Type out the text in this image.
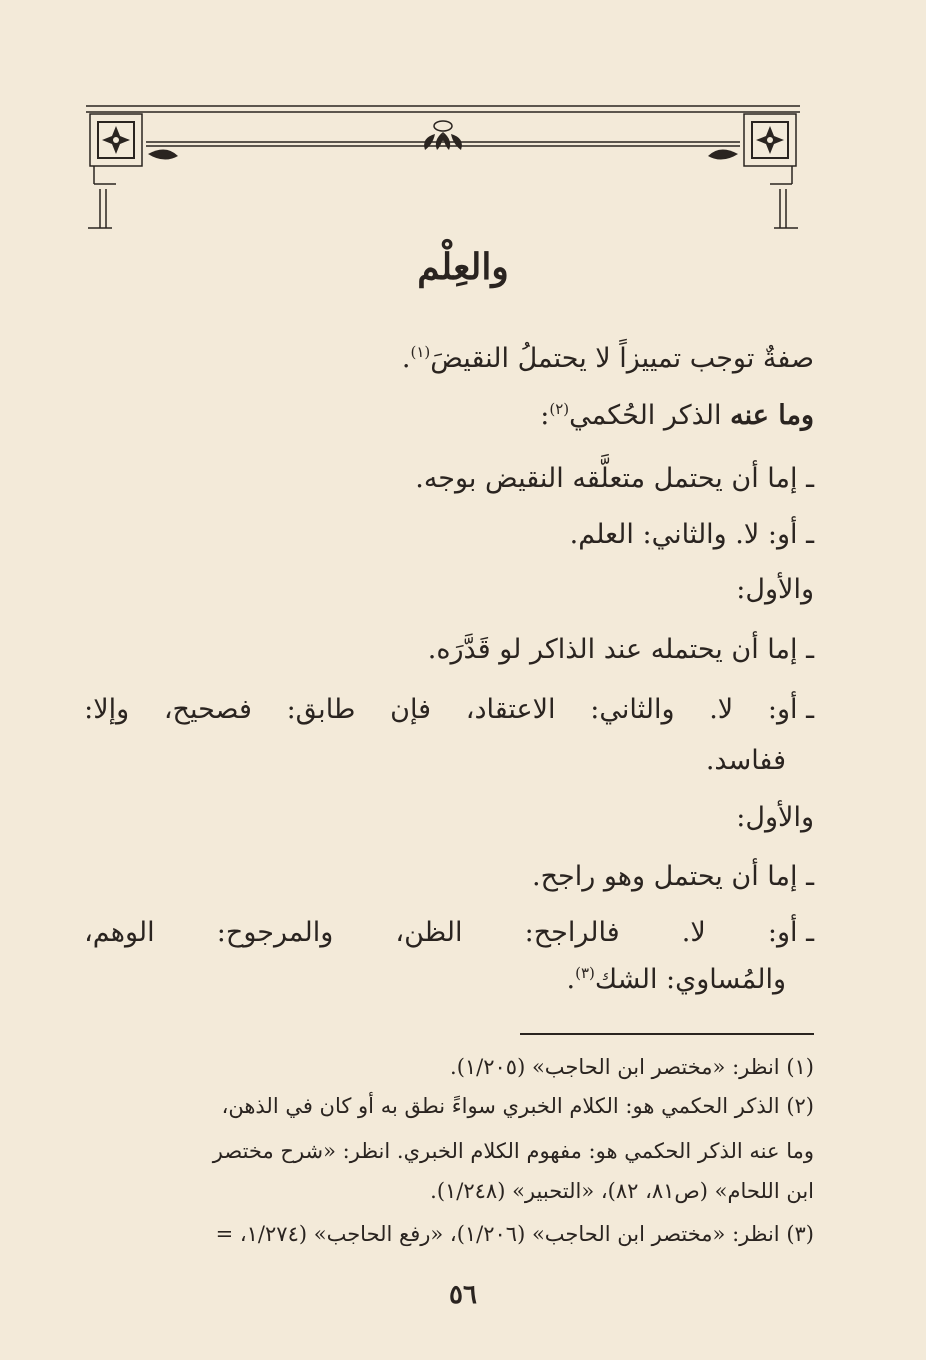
والعِلْم
صفةٌ توجب تمييزاً لا يحتملُ النقيضَ$^{(١)}$.
وما عنه الذكر الحُكمي$^{(٢)}$:
ـ إما أن يحتمل متعلَّقه النقيض بوجه.
ـ أو: لا. والثاني: العلم.
والأول:
ـ إما أن يحتمله عند الذاكر لو قَدَّرَه.
ـ أو:
لا.
والثاني:
الاعتقاد،
فإن
طابق:
فصحيح،
وإلا:
ففاسد.
والأول:
ـ إما أن يحتمل وهو راجح.
ـ أو:
لا.
فالراجح:
الظن،
والمرجوح:
الوهم،
والمُساوي: الشك$^{(٣)}$.
(١) انظر: «مختصر ابن الحاجب» (١/٢٠٥).
(٢) الذكر الحكمي هو: الكلام الخبري سواءً نطق به أو كان في الذهن،
وما عنه الذكر الحكمي هو: مفهوم الكلام الخبري. انظر: «شرح مختصر
ابن اللحام» (ص٨١، ٨٢)، «التحبير» (١/٢٤٨).
(٣) انظر: «مختصر ابن الحاجب» (١/٢٠٦)، «رفع الحاجب» (١/٢٧٤، =
٥٦
